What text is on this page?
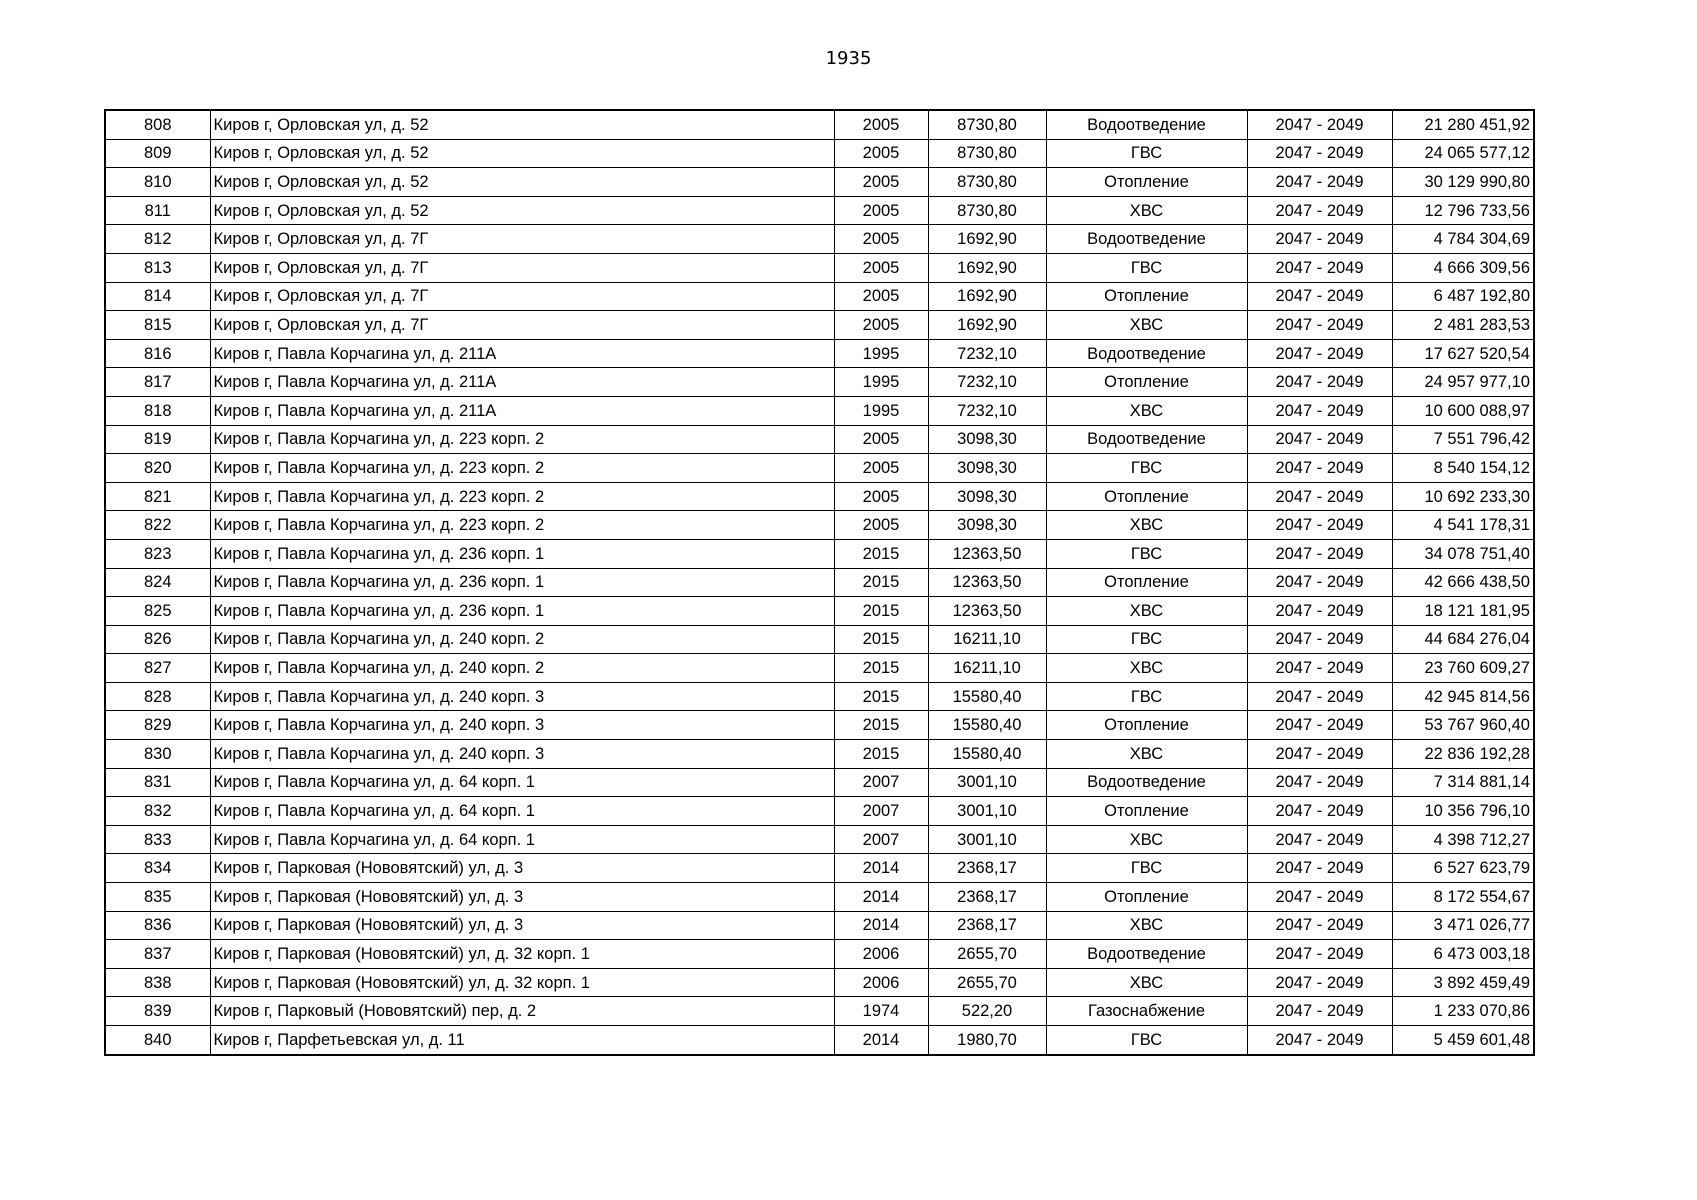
1935
808	Киров г, Орловская ул, д. 52	2005	8730,80	Водоотведение	2047 - 2049	21 280 451,92
809	Киров г, Орловская ул, д. 52	2005	8730,80	ГВС	2047 - 2049	24 065 577,12
810	Киров г, Орловская ул, д. 52	2005	8730,80	Отопление	2047 - 2049	30 129 990,80
811	Киров г, Орловская ул, д. 52	2005	8730,80	ХВС	2047 - 2049	12 796 733,56
812	Киров г, Орловская ул, д. 7Г	2005	1692,90	Водоотведение	2047 - 2049	4 784 304,69
813	Киров г, Орловская ул, д. 7Г	2005	1692,90	ГВС	2047 - 2049	4 666 309,56
814	Киров г, Орловская ул, д. 7Г	2005	1692,90	Отопление	2047 - 2049	6 487 192,80
815	Киров г, Орловская ул, д. 7Г	2005	1692,90	ХВС	2047 - 2049	2 481 283,53
816	Киров г, Павла Корчагина ул, д. 211А	1995	7232,10	Водоотведение	2047 - 2049	17 627 520,54
817	Киров г, Павла Корчагина ул, д. 211А	1995	7232,10	Отопление	2047 - 2049	24 957 977,10
818	Киров г, Павла Корчагина ул, д. 211А	1995	7232,10	ХВС	2047 - 2049	10 600 088,97
819	Киров г, Павла Корчагина ул, д. 223 корп. 2	2005	3098,30	Водоотведение	2047 - 2049	7 551 796,42
820	Киров г, Павла Корчагина ул, д. 223 корп. 2	2005	3098,30	ГВС	2047 - 2049	8 540 154,12
821	Киров г, Павла Корчагина ул, д. 223 корп. 2	2005	3098,30	Отопление	2047 - 2049	10 692 233,30
822	Киров г, Павла Корчагина ул, д. 223 корп. 2	2005	3098,30	ХВС	2047 - 2049	4 541 178,31
823	Киров г, Павла Корчагина ул, д. 236 корп. 1	2015	12363,50	ГВС	2047 - 2049	34 078 751,40
824	Киров г, Павла Корчагина ул, д. 236 корп. 1	2015	12363,50	Отопление	2047 - 2049	42 666 438,50
825	Киров г, Павла Корчагина ул, д. 236 корп. 1	2015	12363,50	ХВС	2047 - 2049	18 121 181,95
826	Киров г, Павла Корчагина ул, д. 240 корп. 2	2015	16211,10	ГВС	2047 - 2049	44 684 276,04
827	Киров г, Павла Корчагина ул, д. 240 корп. 2	2015	16211,10	ХВС	2047 - 2049	23 760 609,27
828	Киров г, Павла Корчагина ул, д. 240 корп. 3	2015	15580,40	ГВС	2047 - 2049	42 945 814,56
829	Киров г, Павла Корчагина ул, д. 240 корп. 3	2015	15580,40	Отопление	2047 - 2049	53 767 960,40
830	Киров г, Павла Корчагина ул, д. 240 корп. 3	2015	15580,40	ХВС	2047 - 2049	22 836 192,28
831	Киров г, Павла Корчагина ул, д. 64 корп. 1	2007	3001,10	Водоотведение	2047 - 2049	7 314 881,14
832	Киров г, Павла Корчагина ул, д. 64 корп. 1	2007	3001,10	Отопление	2047 - 2049	10 356 796,10
833	Киров г, Павла Корчагина ул, д. 64 корп. 1	2007	3001,10	ХВС	2047 - 2049	4 398 712,27
834	Киров г, Парковая (Нововятский) ул, д. 3	2014	2368,17	ГВС	2047 - 2049	6 527 623,79
835	Киров г, Парковая (Нововятский) ул, д. 3	2014	2368,17	Отопление	2047 - 2049	8 172 554,67
836	Киров г, Парковая (Нововятский) ул, д. 3	2014	2368,17	ХВС	2047 - 2049	3 471 026,77
837	Киров г, Парковая (Нововятский) ул, д. 32 корп. 1	2006	2655,70	Водоотведение	2047 - 2049	6 473 003,18
838	Киров г, Парковая (Нововятский) ул, д. 32 корп. 1	2006	2655,70	ХВС	2047 - 2049	3 892 459,49
839	Киров г, Парковый (Нововятский) пер, д. 2	1974	522,20	Газоснабжение	2047 - 2049	1 233 070,86
840	Киров г, Парфетьевская ул, д. 11	2014	1980,70	ГВС	2047 - 2049	5 459 601,48
